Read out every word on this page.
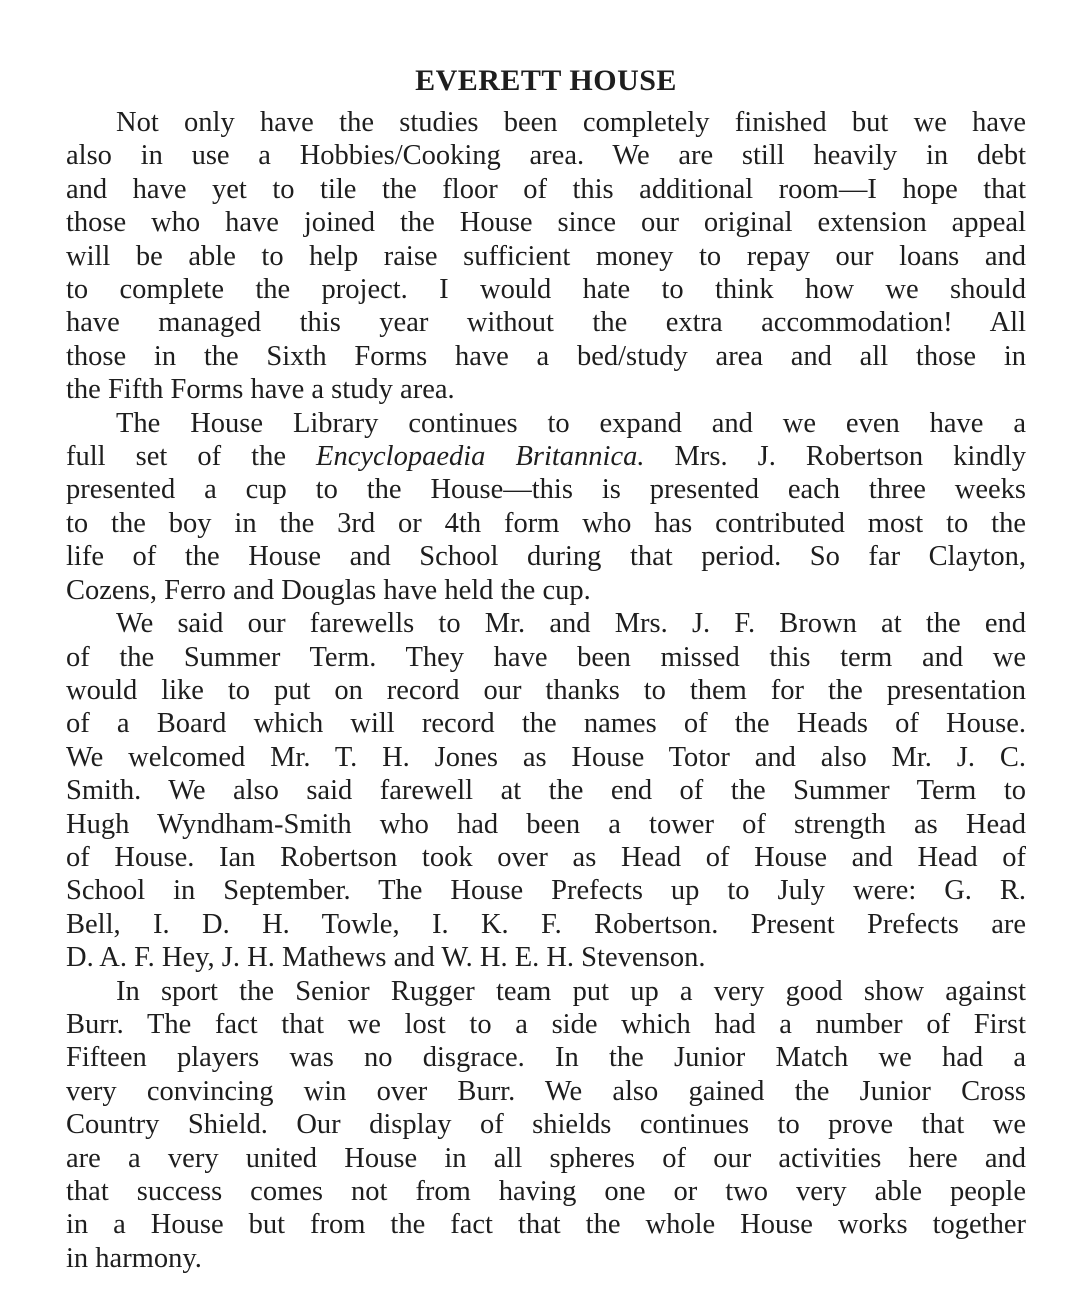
EVERETT HOUSE
Not only have the studies been completely finished but we have
also in use a Hobbies/Cooking area. We are still heavily in debt
and have yet to tile the floor of this additional room—I hope that
those who have joined the House since our original extension appeal
will be able to help raise sufficient money to repay our loans and
to complete the project. I would hate to think how we should
have managed this year without the extra accommodation! All
those in the Sixth Forms have a bed/study area and all those in
the Fifth Forms have a study area.
The House Library continues to expand and we even have a
full set of the Encyclopaedia Britannica. Mrs. J. Robertson kindly
presented a cup to the House—this is presented each three weeks
to the boy in the 3rd or 4th form who has contributed most to the
life of the House and School during that period. So far Clayton,
Cozens, Ferro and Douglas have held the cup.
We said our farewells to Mr. and Mrs. J. F. Brown at the end
of the Summer Term. They have been missed this term and we
would like to put on record our thanks to them for the presentation
of a Board which will record the names of the Heads of House.
We welcomed Mr. T. H. Jones as House Totor and also Mr. J. C.
Smith. We also said farewell at the end of the Summer Term to
Hugh Wyndham-Smith who had been a tower of strength as Head
of House. Ian Robertson took over as Head of House and Head of
School in September. The House Prefects up to July were: G. R.
Bell, I. D. H. Towle, I. K. F. Robertson. Present Prefects are
D. A. F. Hey, J. H. Mathews and W. H. E. H. Stevenson.
In sport the Senior Rugger team put up a very good show against
Burr. The fact that we lost to a side which had a number of First
Fifteen players was no disgrace. In the Junior Match we had a
very convincing win over Burr. We also gained the Junior Cross
Country Shield. Our display of shields continues to prove that we
are a very united House in all spheres of our activities here and
that success comes not from having one or two very able people
in a House but from the fact that the whole House works together
in harmony.
